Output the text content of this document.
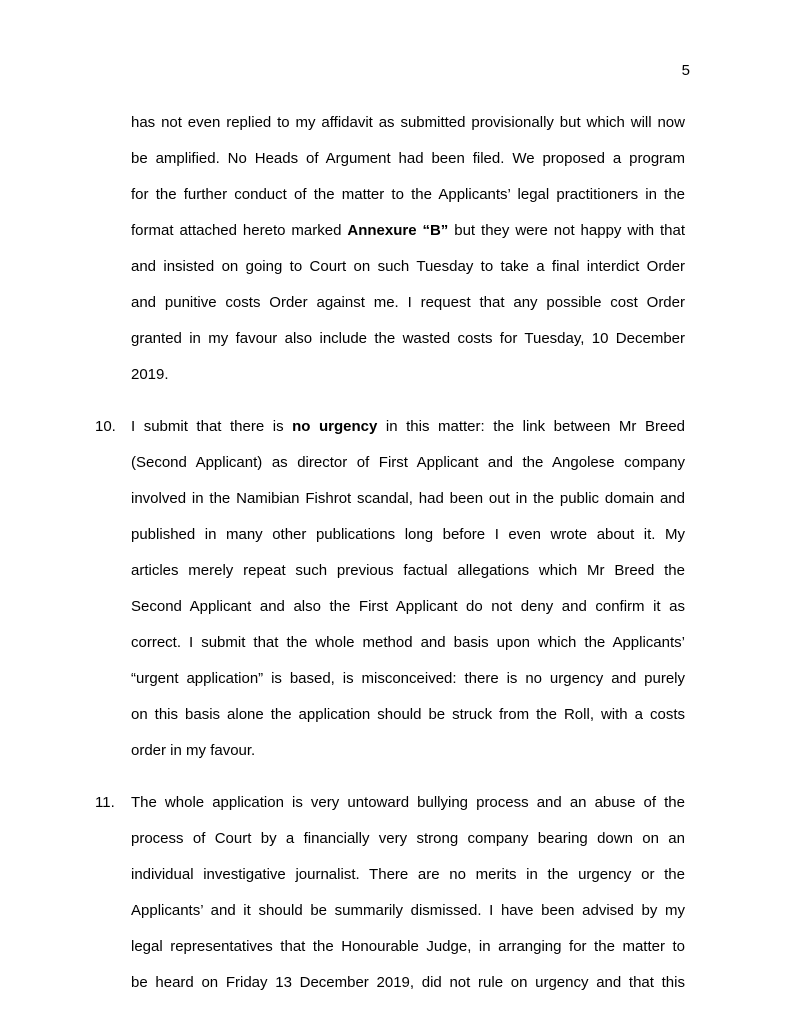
5
has not even replied to my affidavit as submitted provisionally but which will now
be amplified. No Heads of Argument had been filed. We proposed a program
for the further conduct of the matter to the Applicants’ legal practitioners in the
format attached hereto marked Annexure “B” but they were not happy with that
and insisted on going to Court on such Tuesday to take a final interdict Order
and punitive costs Order against me. I request that any possible cost Order
granted in my favour also include the wasted costs for Tuesday, 10 December
2019.
10. I submit that there is no urgency in this matter: the link between Mr Breed
(Second Applicant) as director of First Applicant and the Angolese company
involved in the Namibian Fishrot scandal, had been out in the public domain and
published in many other publications long before I even wrote about it. My
articles merely repeat such previous factual allegations which Mr Breed the
Second Applicant and also the First Applicant do not deny and confirm it as
correct. I submit that the whole method and basis upon which the Applicants’
“urgent application” is based, is misconceived: there is no urgency and purely
on this basis alone the application should be struck from the Roll, with a costs
order in my favour.
11. The whole application is very untoward bullying process and an abuse of the
process of Court by a financially very strong company bearing down on an
individual investigative journalist. There are no merits in the urgency or the
Applicants’ and it should be summarily dismissed. I have been advised by my
legal representatives that the Honourable Judge, in arranging for the matter to
be heard on Friday 13 December 2019, did not rule on urgency and that this
